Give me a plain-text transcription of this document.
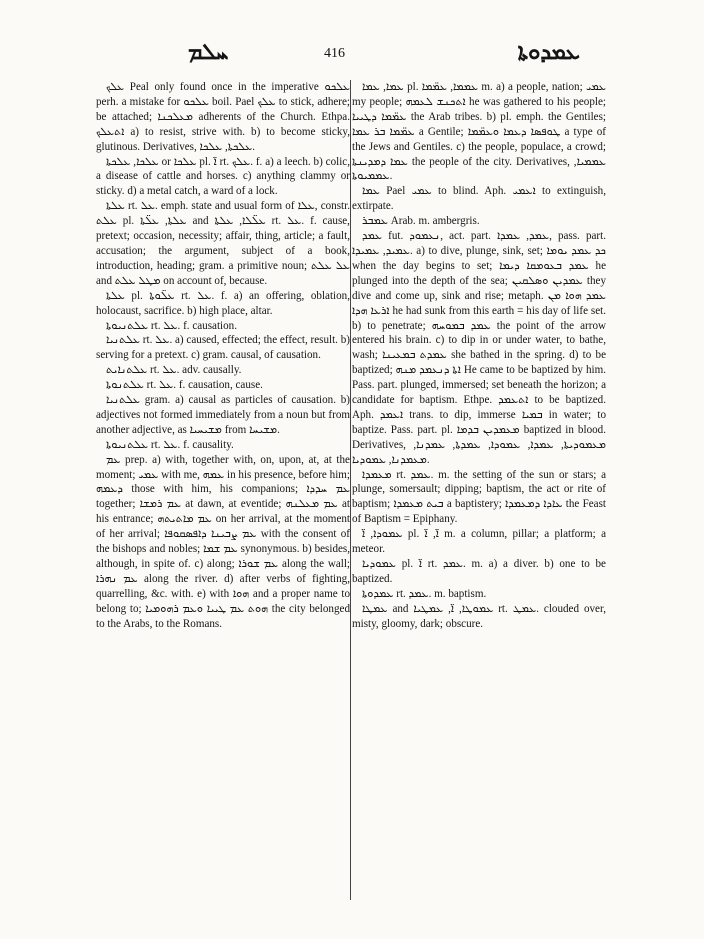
ܚܠܡ	416	ܥܡܕܘܬܐ

ܥܠܟ Peal only found once in the imperative ܥܠܟܘ perh. a mistake for ܥܠܟܘ boil. Pael ܥܠܟ to stick, adhere; be attached; ܡܥܠܟܢܐ adherents of the Church. Ethpa. ܐܬܥܠܟ a) to resist, strive with. b) to become sticky, glutinous. Derivatives, ܥܠܟܬܐ, ܥܠܟܐ.

ܥܠܟܐ, ܥܠܟܬܐ or ܥܠܟܐ pl. ܐ̈ rt. ܥܠܟ. f. a) a leech. b) colic, a disease of cattle and horses. c) anything clammy or sticky. d) a metal catch, a ward of a lock.

ܥܠܬܐ rt. ܥܠ. emph. state and usual form of ܥܠܐ, constr. ܥܠܬ pl. ܥܠܬܐ, ܥܠ̈ܬܐ and ܥܠ̈ܠܐ, ܥܠܬܐ rt. ܥܠ. f. cause, pretext; occasion, necessity; affair, thing, article; a fault, accusation; the argument, subject of a book, introduction, heading; gram. a primitive noun; ܥܠ ܥܠܬ and ܡܛܠ ܥܠܬ on account of, because.

ܥܠܬܐ pl. ܥܠ̈ܘܬܐ rt. ܥܠ. f. a) an offering, oblation, holocaust, sacrifice. b) high place, altar.

ܥܠܬܢܝܘܬܐ rt. ܥܠ. f. causation.

ܥܠܬܢܝܐ rt. ܥܠ. a) caused, effected; the effect, result. b) serving for a pretext. c) gram. causal, of causation.

ܥܠܬܢܐܝܬ rt. ܥܠ. adv. causally.

ܥܠܬܢܘܬܐ rt. ܥܠ. f. causation, cause.

ܥܠܬܢܝܐ gram. a) causal as particles of causation. b) adjectives not formed immediately from a noun but from another adjective, as ܡܫܝܚܝܐ from ܡܫܝܚܐ.

ܥܠܬܢܝܘܬܐ rt. ܥܠ. f. causality.

ܥܡ prep. a) with, together with, on, upon, at, at the moment; ܥܡܝ with me, ܥܡܗ in his presence, before him; ܕܥܡܗ those with him, his companions; ܥܡ ܚܕܕܐ together; ܥܡ ܪܡܫܐ at dawn, at eventide; ܥܡ ܡܥܠܢܗ at his entrance; ܥܡ ܡܐܬܝܬܗ on her arrival, at the moment of her arrival; ܥܡ ܨܒܝܢܐ ܕܐܦܣܩܘܦܐ with the consent of the bishops and nobles; ܥܡ ܫܡܐ synonymous. b) besides, although, in spite of. c) along; ܥܡ ܫܘܪܐ along the wall; ܥܡ ܢܗܪܐ along the river. d) after verbs of fighting, quarrelling, &c. with. e) with ܗܘܐ and a proper name to belong to; ܗܘܬ ܥܡ ܛܝܝܐ ܘܥܡ ܪܗܘܡܝܐ the city belonged to the Arabs, to the Romans.

ܥܡܐ, ܥܡܐ pl. ܥܡܡܐ, ܥܡ̈ܡܐ m. a) a people, nation; ܥܡܝ my people; ܐܬܟܢܫ ܠܥܡܗ he was gathered to his people; ܥܡ̈ܡܐ ܕܛܝܝܐ the Arab tribes. b) pl. emph. the Gentiles; ܥܡ̈ܡܐ ܒܪ ܥܡܐ a Gentile; ܛܘܦܣܐ ܕܥܡܐ ܘܥܡ̈ܡܐ a type of the Jews and Gentiles. c) the people, populace, a crowd; ܥܡܐ ܕܡܕܝܢܬܐ the people of the city. Derivatives, ܥܡܡܝܐ, ܥܡܡܝܘܬܐ.

ܥܡܐ Pael ܥܡܝ to blind. Aph. ܐܥܡܝ to extinguish, extirpate.

ܥܡܒܪ Arab. m. ambergris.

ܥܡܕ fut. ܢܥܡܘܕ, act. part. ܥܡܕ, ܥܡܕܐ, pass. part. ܥܡܝܕ, ܥܡܝܕܐ. a) to dive, plunge, sink, set; ܟܕ ܥܡܕ ܝܘܡܐ when the day begins to set; ܥܡܕ ܒܥܘܡܩܐ ܕܝܡܐ he plunged into the depth of the sea; ܥܡܕܝܢ ܘܣܠܩܝܢ they dive and come up, sink and rise; metaph. ܥܡܕ ܗܘܐ ܡܢ ܐܪܥܐ ܗܕܐ he had sunk from this earth = his day of life set. b) to penetrate; ܥܡܕ ܒܡܘܚܗ the point of the arrow entered his brain. c) to dip in or under water, to bathe, wash; ܥܡܕܬ ܒܡܥܝܢܐ she bathed in the spring. d) to be baptized; ܐܬܐ ܕܢܥܡܕ ܡܢܗ He came to be baptized by him. Pass. part. plunged, immersed; set beneath the horizon; a candidate for baptism. Ethpe. ܐܬܥܡܕ to be baptized. Aph. ܐܥܡܕ trans. to dip, immerse ܒܡܝܐ in water; to baptize. Pass. part. pl. ܡܥܡܕܝܢ ܒܕܡܐ baptized in blood. Derivatives, ܡܥܡܘܕܝܬܐ, ܥܡܕܐ, ܥܡܘܕܐ, ܥܡܕܬܐ, ܥܡܕܢܐ, ܡܥܡܕܢܐ, ܥܡܘܕܝܐ.

ܡܥܡܕܐ rt. ܥܡܕ. m. the setting of the sun or stars; a plunge, somersault; dipping; baptism, the act or rite of baptism; ܒܝܬ ܡܥܡܕܐ a baptistery; ܥܐܕܐ ܕܡܥܡܕܐ the Feast of Baptism = Epiphany.

ܥܡܘܕܐ, ܐ̈ pl. ܐ̈, ܐ̈ m. a column, pillar; a platform; a meteor.

ܥܡܘܕܝܐ pl. ܐ̈ rt. ܥܡܕ. m. a) a diver. b) one to be baptized.

ܥܡܕܘܬܐ rt. ܥܡܕ. m. baptism.

ܥܡܛܐ and ܥܡܘܛܐ, ܐ̈, ܥܡܛܝܐ rt. ܥܡܛ. clouded over, misty, gloomy, dark; obscure.
